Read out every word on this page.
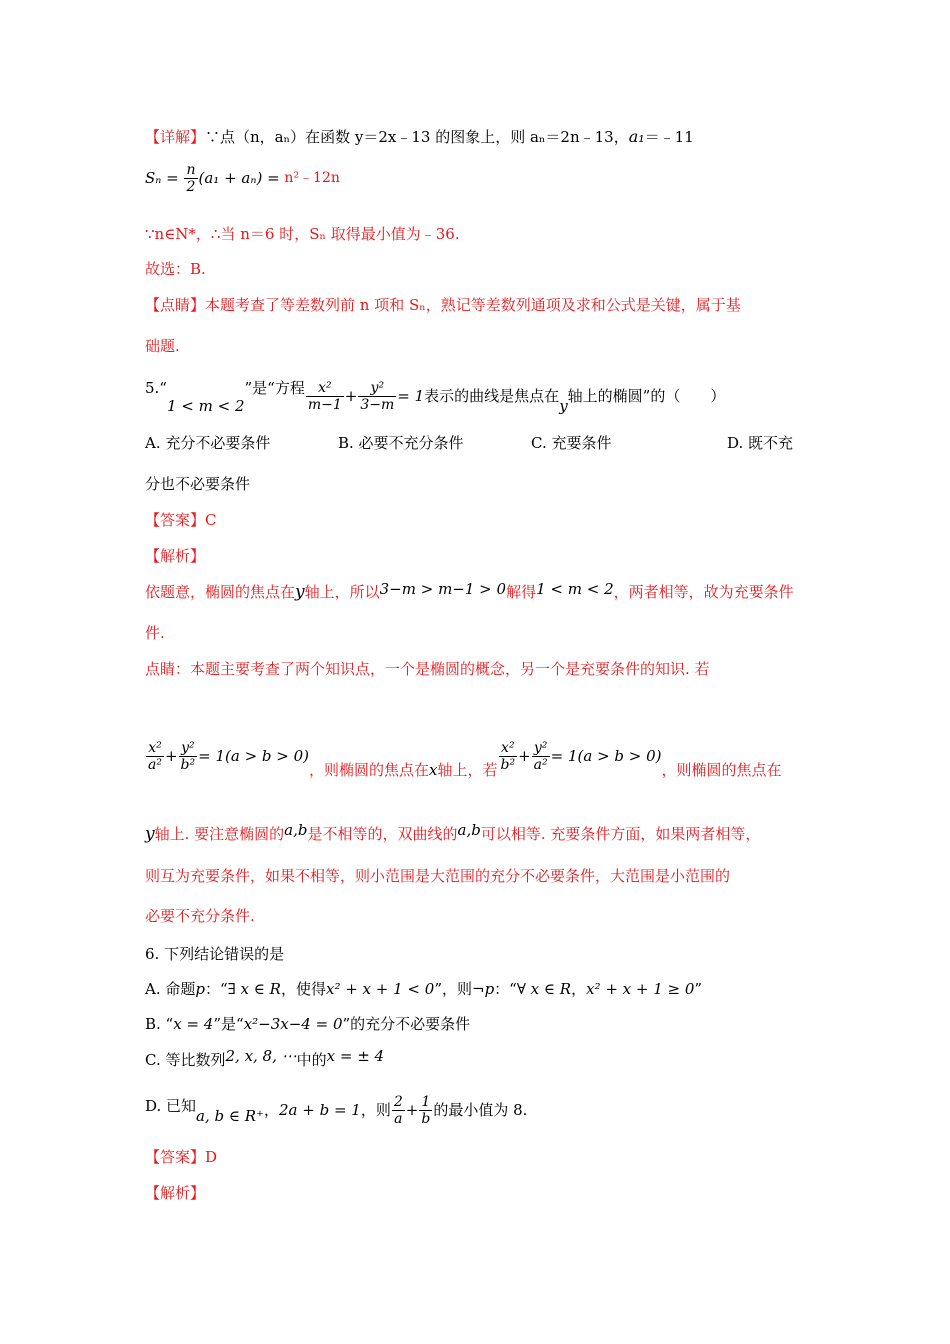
【详解】∵点（n，aₙ）在函数 y＝2x﹣13 的图象上，则 aₙ＝2n﹣13，a₁＝﹣11
$S_n = \frac{n}{2} (a_1 + a_n)$ = n²﹣12n
∵n∈N*，∴当 n＝6 时，Sₙ 取得最小值为﹣36.
故选：B.
【点睛】本题考查了等差数列前 n 项和 Sₙ，熟记等差数列通项及求和公式是关键，属于基
础题.
5.“1 < m < 2”是“方程 $\frac{\text{x²}}{m-1} + \frac{\text{y²}}{3-m} = 1$表示的曲线是焦点在y轴上的椭圆”的（　　）
A. 充分不必要条件	B. 必要不充分条件	C. 充要条件	D. 既不充
分也不必要条件
【答案】C
【解析】
依题意，椭圆的焦点在y轴上，所以3−m > m−1 > 0解得1 < m < 2，两者相等，故为充要条件
件.
点睛：本题主要考查了两个知识点，一个是椭圆的概念，另一个是充要条件的知识. 若
$\frac{\text{x²}}{\text{a²}} + \frac{\text{y²}}{\text{b²}} = 1(a > b > 0)$，则椭圆的焦点在x轴上，若 $\frac{\text{x²}}{\text{b²}} + \frac{\text{y²}}{\text{a²}} = 1(a > b > 0)$，则椭圆的焦点在
y轴上. 要注意椭圆的a,b是不相等的，双曲线的a,b可以相等. 充要条件方面，如果两者相等，
则互为充要条件，如果不相等，则小范围是大范围的充分不必要条件，大范围是小范围的
必要不充分条件.
6. 下列结论错误的是
A. 命题p：“∃ x ∈ R，使得x² + x + 1 < 0”，则¬p：“∀ x ∈ R，x² + x + 1 ≥ 0”
B. “x = 4”是“x²−3x−4 = 0”的充分不必要条件
C. 等比数列2, x, 8, ⋯中的x = ± 4
D. 已知a, b ∈ R⁺，2a + b = 1，则 $\frac{2}{a} + \frac{1}{b}$ 的最小值为 8.
【答案】D
【解析】
